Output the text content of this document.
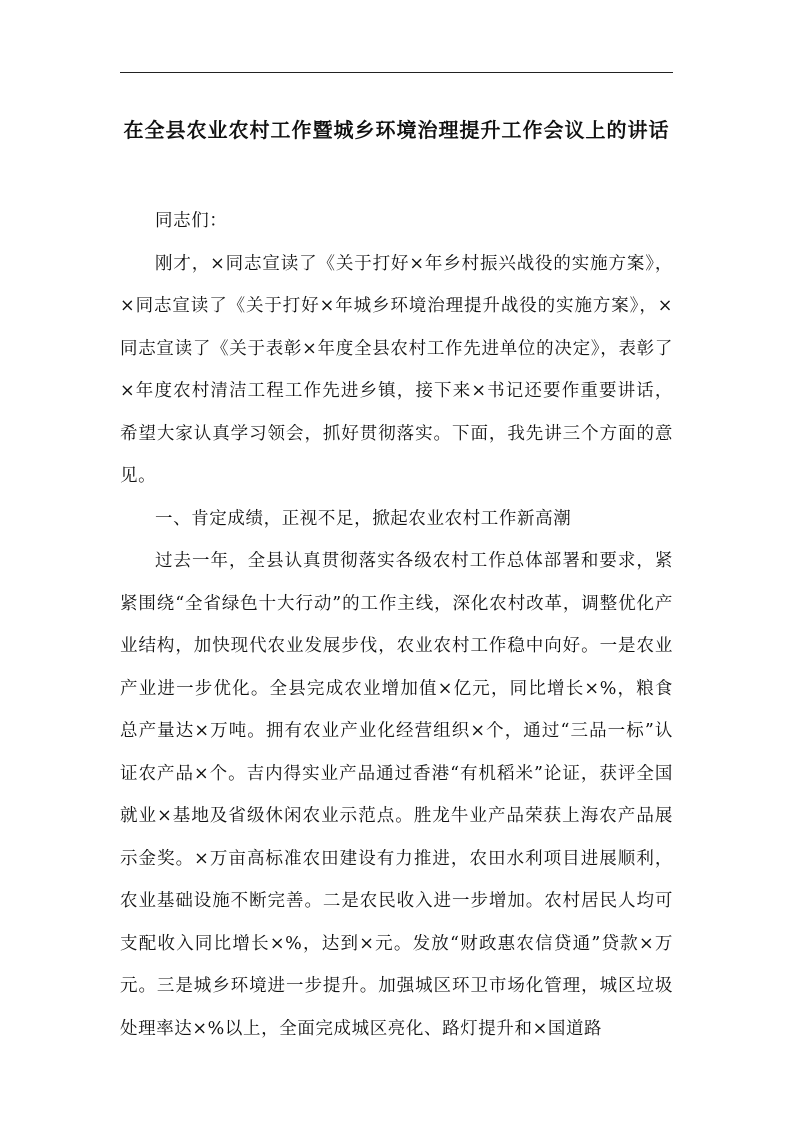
在全县农业农村工作暨城乡环境治理提升工作会议上的讲话

同志们：

刚才，×同志宣读了《关于打好×年乡村振兴战役的实施方案》，×同志宣读了《关于打好×年城乡环境治理提升战役的实施方案》，×同志宣读了《关于表彰×年度全县农村工作先进单位的决定》，表彰了×年度农村清洁工程工作先进乡镇，接下来×书记还要作重要讲话，希望大家认真学习领会，抓好贯彻落实。下面，我先讲三个方面的意见。

一、肯定成绩，正视不足，掀起农业农村工作新高潮

过去一年，全县认真贯彻落实各级农村工作总体部署和要求，紧紧围绕“全省绿色十大行动”的工作主线，深化农村改革，调整优化产业结构，加快现代农业发展步伐，农业农村工作稳中向好。一是农业产业进一步优化。全县完成农业增加值×亿元，同比增长×%，粮食总产量达×万吨。拥有农业产业化经营组织×个，通过“三品一标”认证农产品×个。吉内得实业产品通过香港“有机稻米”论证，获评全国就业×基地及省级休闲农业示范点。胜龙牛业产品荣获上海农产品展示金奖。×万亩高标准农田建设有力推进，农田水利项目进展顺利，农业基础设施不断完善。二是农民收入进一步增加。农村居民人均可支配收入同比增长×%，达到×元。发放“财政惠农信贷通”贷款×万元。三是城乡环境进一步提升。加强城区环卫市场化管理，城区垃圾处理率达×%以上，全面完成城区亮化、路灯提升和×国道路
